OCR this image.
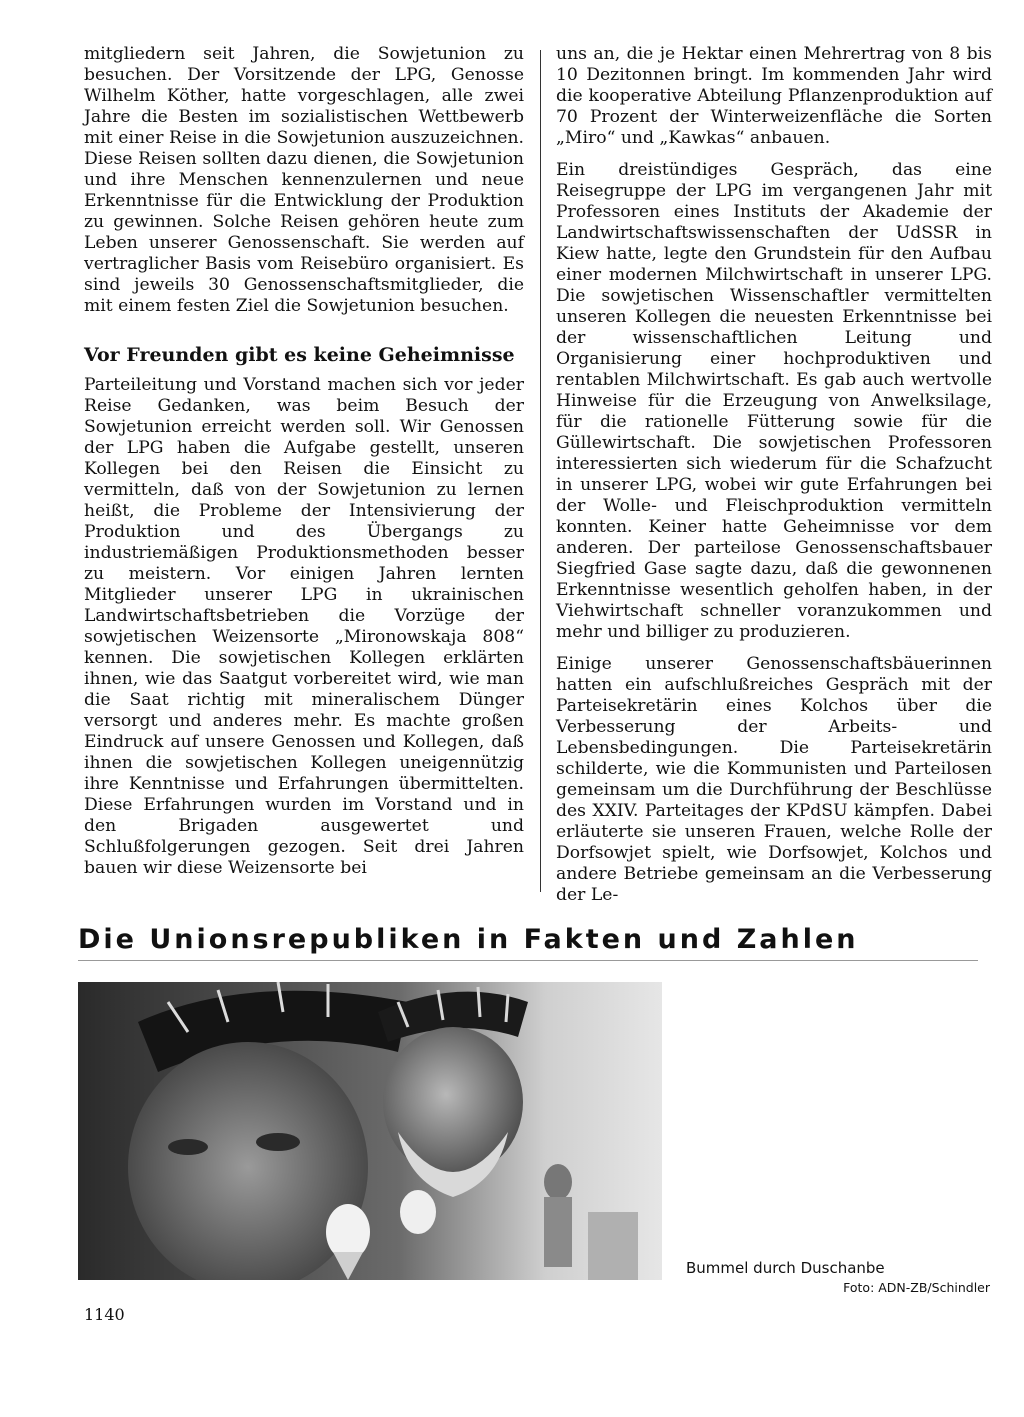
mitgliedern seit Jahren, die Sowjetunion zu besuchen. Der Vorsitzende der LPG, Genosse Wilhelm Köther, hatte vorgeschlagen, alle zwei Jahre die Besten im sozialistischen Wettbewerb mit einer Reise in die Sowjetunion auszuzeichnen. Diese Reisen sollten dazu dienen, die Sowjetunion und ihre Menschen kennenzulernen und neue Erkenntnisse für die Entwicklung der Produktion zu gewinnen. Solche Reisen gehören heute zum Leben unserer Genossenschaft. Sie werden auf vertraglicher Basis vom Reisebüro organisiert. Es sind jeweils 30 Genossenschaftsmitglieder, die mit einem festen Ziel die Sowjetunion besuchen.

Vor Freunden gibt es keine Geheimnisse

Parteileitung und Vorstand machen sich vor jeder Reise Gedanken, was beim Besuch der Sowjetunion erreicht werden soll. Wir Genossen der LPG haben die Aufgabe gestellt, unseren Kollegen bei den Reisen die Einsicht zu vermitteln, daß von der Sowjetunion zu lernen heißt, die Probleme der Intensivierung der Produktion und des Übergangs zu industriemäßigen Produktionsmethoden besser zu meistern. Vor einigen Jahren lernten Mitglieder unserer LPG in ukrainischen Landwirtschaftsbetrieben die Vorzüge der sowjetischen Weizensorte „Mironowskaja 808“ kennen. Die sowjetischen Kollegen erklärten ihnen, wie das Saatgut vorbereitet wird, wie man die Saat richtig mit mineralischem Dünger versorgt und anderes mehr. Es machte großen Eindruck auf unsere Genossen und Kollegen, daß ihnen die sowjetischen Kollegen uneigennützig ihre Kenntnisse und Erfahrungen übermittelten. Diese Erfahrungen wurden im Vorstand und in den Brigaden ausgewertet und Schlußfolgerungen gezogen. Seit drei Jahren bauen wir diese Weizensorte bei

uns an, die je Hektar einen Mehrertrag von 8 bis 10 Dezitonnen bringt. Im kommenden Jahr wird die kooperative Abteilung Pflanzenproduktion auf 70 Prozent der Winterweizenfläche die Sorten „Miro“ und „Kawkas“ anbauen.

Ein dreistündiges Gespräch, das eine Reisegruppe der LPG im vergangenen Jahr mit Professoren eines Instituts der Akademie der Landwirtschaftswissenschaften der UdSSR in Kiew hatte, legte den Grundstein für den Aufbau einer modernen Milchwirtschaft in unserer LPG. Die sowjetischen Wissenschaftler vermittelten unseren Kollegen die neuesten Erkenntnisse bei der wissenschaftlichen Leitung und Organisierung einer hochproduktiven und rentablen Milchwirtschaft. Es gab auch wertvolle Hinweise für die Erzeugung von Anwelksilage, für die rationelle Fütterung sowie für die Güllewirtschaft. Die sowjetischen Professoren interessierten sich wiederum für die Schafzucht in unserer LPG, wobei wir gute Erfahrungen bei der Wolle- und Fleischproduktion vermitteln konnten. Keiner hatte Geheimnisse vor dem anderen. Der parteilose Genossenschaftsbauer Siegfried Gase sagte dazu, daß die gewonnenen Erkenntnisse wesentlich geholfen haben, in der Viehwirtschaft schneller voranzukommen und mehr und billiger zu produzieren.

Einige unserer Genossenschaftsbäuerinnen hatten ein aufschlußreiches Gespräch mit der Parteisekretärin eines Kolchos über die Verbesserung der Arbeits- und Lebensbedingungen. Die Parteisekretärin schilderte, wie die Kommunisten und Parteilosen gemeinsam um die Durchführung der Beschlüsse des XXIV. Parteitages der KPdSU kämpfen. Dabei erläuterte sie unseren Frauen, welche Rolle der Dorfsowjet spielt, wie Dorfsowjet, Kolchos und andere Betriebe gemeinsam an die Verbesserung der Le-

Die Unionsrepubliken in Fakten und Zahlen
Bummel durch Duschanbe
Foto: ADN-ZB/Schindler
1140
